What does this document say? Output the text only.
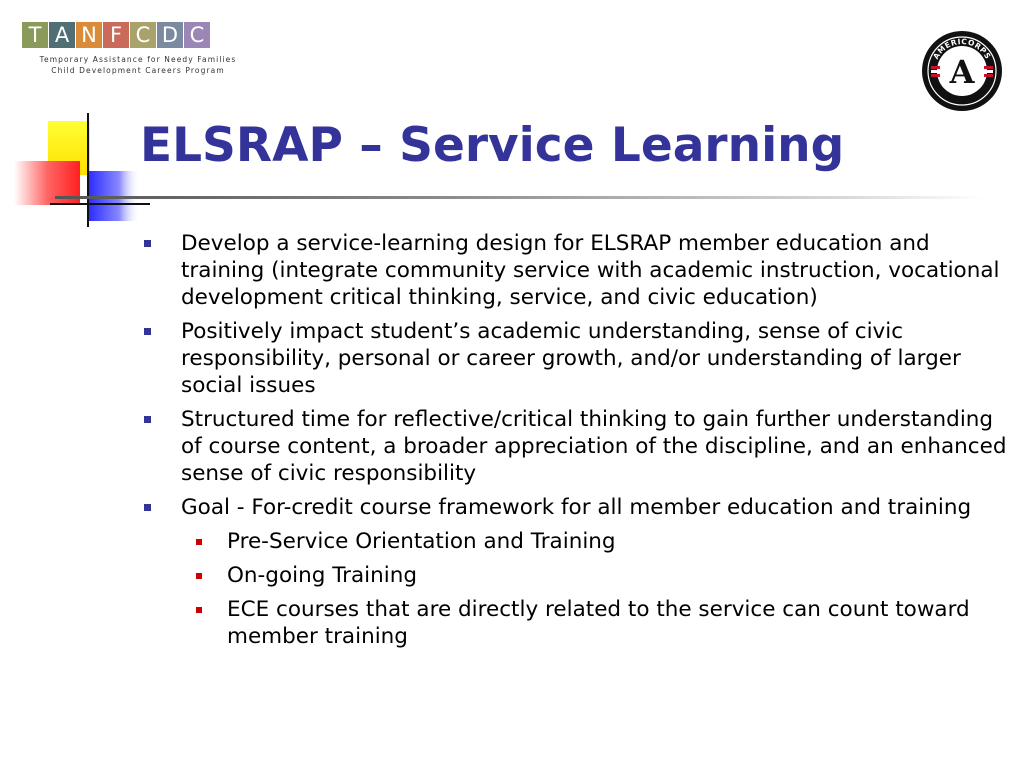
T A N F C D C
Temporary Assistance for Needy Families
Child Development Careers Program
AMERICORPS
A
ELSRAP – Service Learning
Develop a service-learning design for ELSRAP member education and training (integrate community service with academic instruction, vocational development critical thinking, service, and civic education)
Positively impact student’s academic understanding, sense of civic responsibility, personal or career growth, and/or understanding of larger social issues
Structured time for reflective/critical thinking to gain further understanding of course content, a broader appreciation of the discipline, and an enhanced sense of civic responsibility
Goal - For-credit course framework for all member education and training
Pre-Service Orientation and Training
On-going Training
ECE courses that are directly related to the service can count toward member training
